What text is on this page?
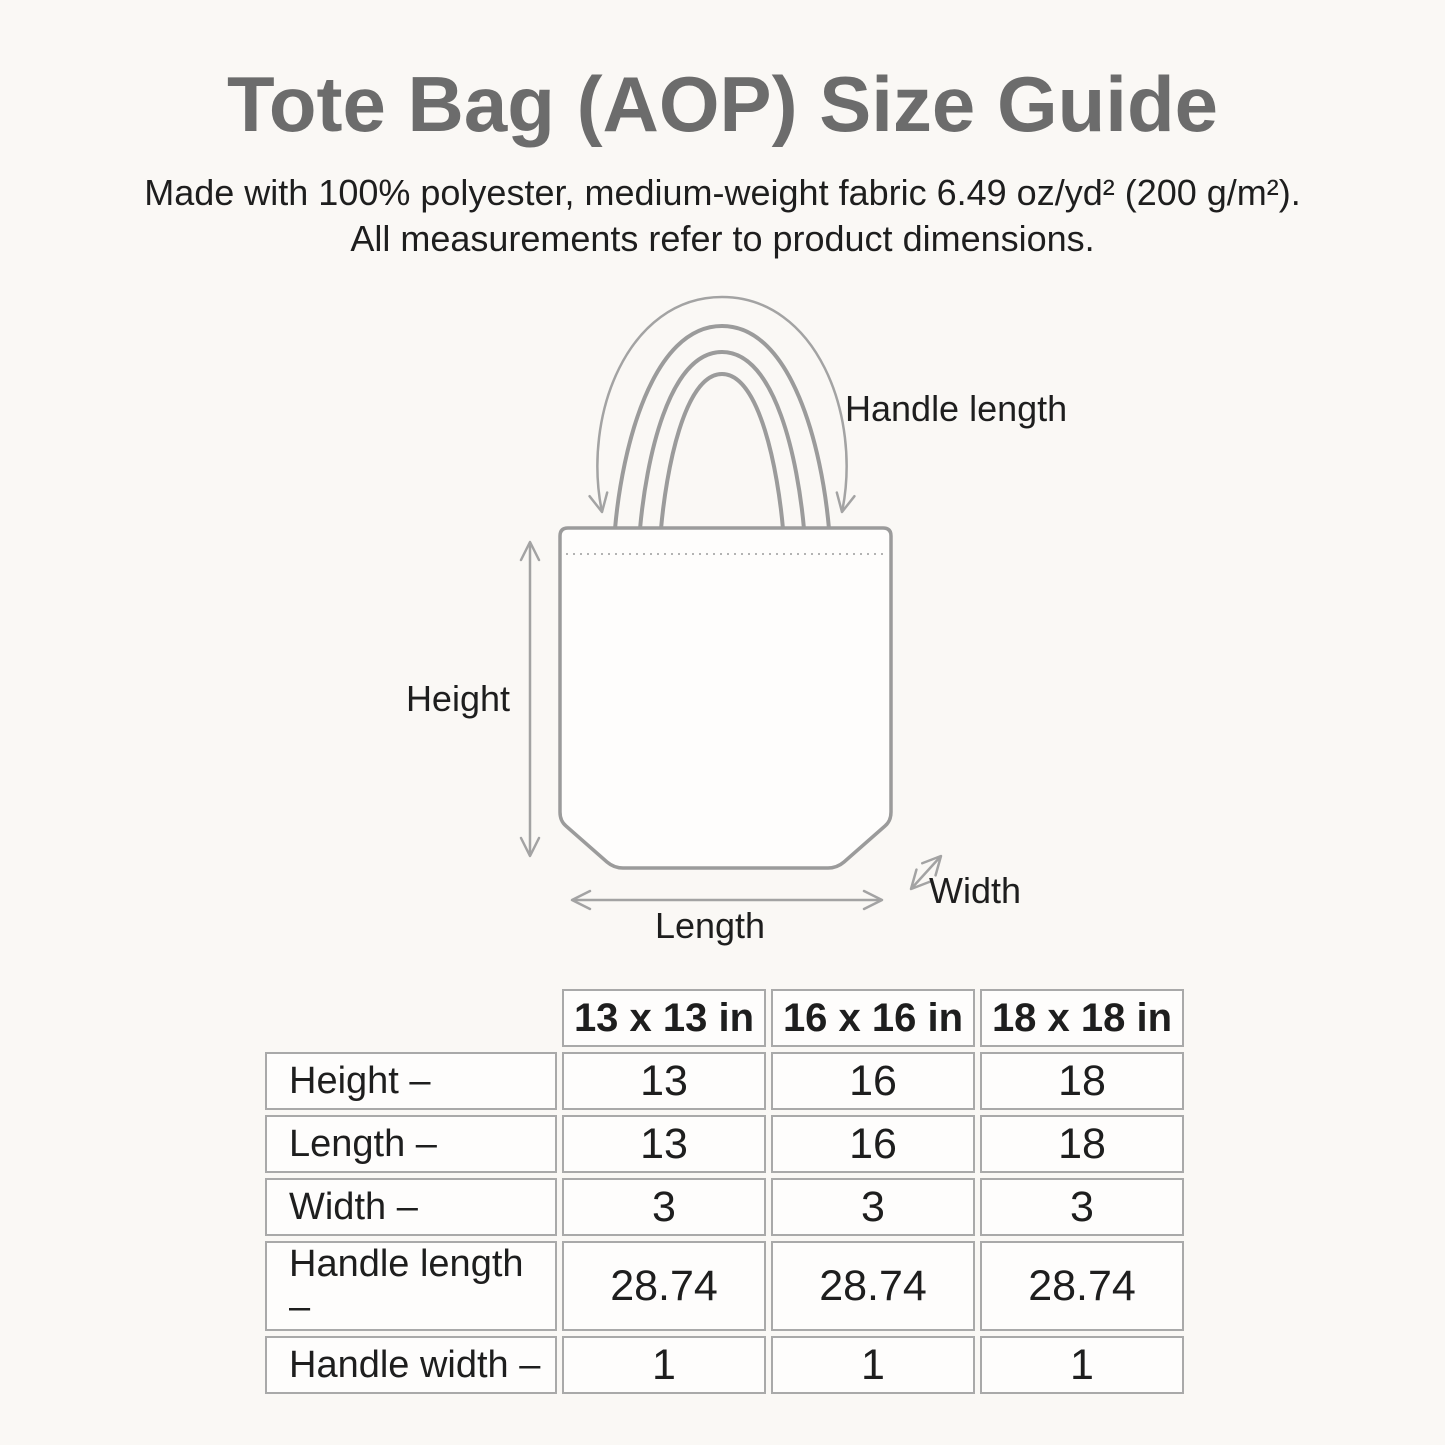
Tote Bag (AOP) Size Guide
Made with 100% polyester, medium-weight fabric 6.49 oz/yd² (200 g/m²).
All measurements refer to product dimensions.
Handle length
Height
Length
Width
	13 x 13 in	16 x 16 in	18 x 18 in
Height –	13	16	18
Length –	13	16	18
Width –	3	3	3
Handle length –	28.74	28.74	28.74
Handle width –	1	1	1
